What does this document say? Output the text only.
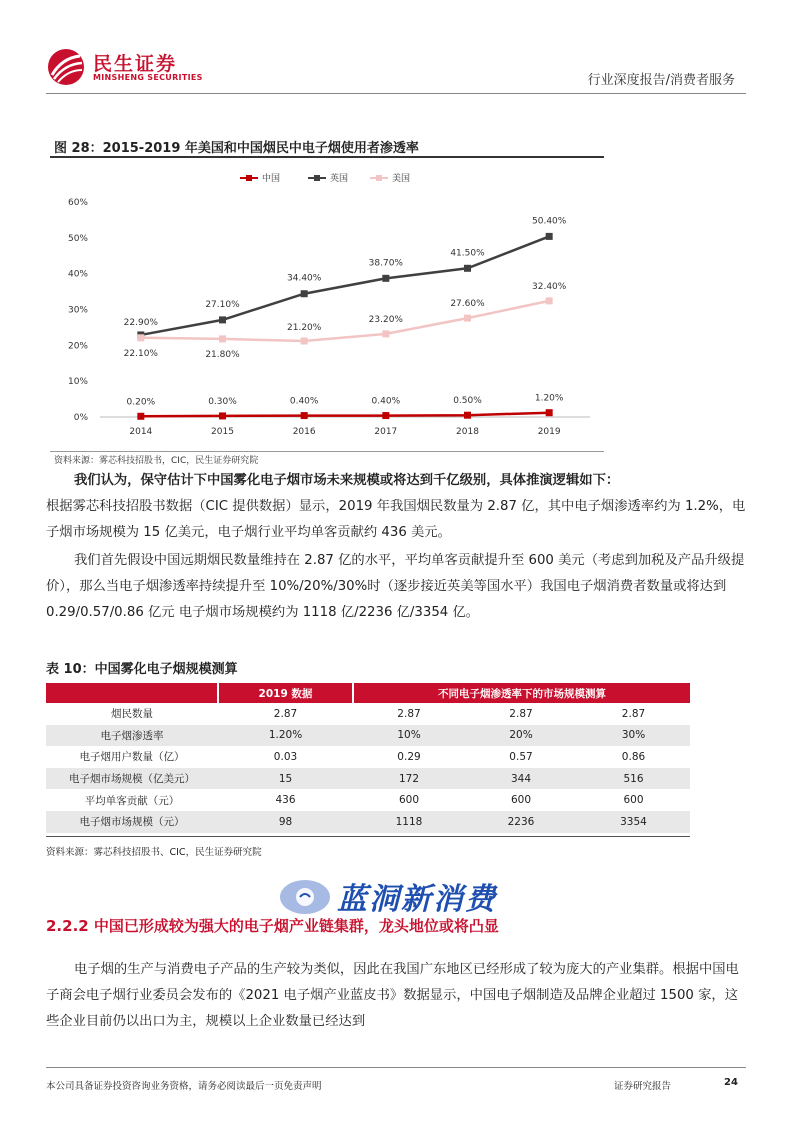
民生证券
MINSHENG SECURITIES	行业深度报告/消费者服务
图 28：2015-2019 年美国和中国烟民中电子烟使用者渗透率
0%
10%
20%
30%
40%
50%
60%
2014	2015	2016	2017	2018	2019
中国	英国	美国
0.20%	0.30%	0.40%	0.40%	0.50%	1.20%
22.90%
27.10%
34.40%
38.70%
41.50%
50.40%
22.10%	21.80%
21.20%
23.20%
27.60%
32.40%
资料来源：雾芯科技招股书，CIC，民生证券研究院
我们认为，保守估计下中国雾化电子烟市场未来规模或将达到千亿级别，具体推演逻辑如下：
根据雾芯科技招股书数据（CIC 提供数据）显示，2019 年我国烟民数量为 2.87 亿，其中电子烟渗透率约为 1.2%，电子烟市场规模为 15 亿美元，电子烟行业平均单客贡献约 436 美元。
我们首先假设中国远期烟民数量维持在 2.87 亿的水平，平均单客贡献提升至 600 美元（考虑到加税及产品升级提价），那么当电子烟渗透率持续提升至 10%/20%/30%时（逐步接近英美等国水平）我国电子烟消费者数量或将达到 0.29/0.57/0.86 亿元 电子烟市场规模约为 1118 亿/2236 亿/3354 亿。
表 10：中国雾化电子烟规模测算
	2019 数据	不同电子烟渗透率下的市场规模测算		
烟民数量	2.87	2.87	2.87	2.87
电子烟渗透率	1.20%	10%	20%	30%
电子烟用户数量（亿）	0.03	0.29	0.57	0.86
电子烟市场规模（亿美元）	15	172	344	516
平均单客贡献（元）	436	600	600	600
电子烟市场规模（元）	98	1118	2236	3354
资料来源：雾芯科技招股书、CIC，民生证券研究院
蓝洞新消费
2.2.2 中国已形成较为强大的电子烟产业链集群，龙头地位或将凸显
电子烟的生产与消费电子产品的生产较为类似，因此在我国广东地区已经形成了较为庞大的产业集群。根据中国电子商会电子烟行业委员会发布的《2021 电子烟产业蓝皮书》数据显示，中国电子烟制造及品牌企业超过 1500 家，这些企业目前仍以出口为主，规模以上企业数量已经达到
本公司具备证券投资咨询业务资格，请务必阅读最后一页免责声明	证券研究报告	24
